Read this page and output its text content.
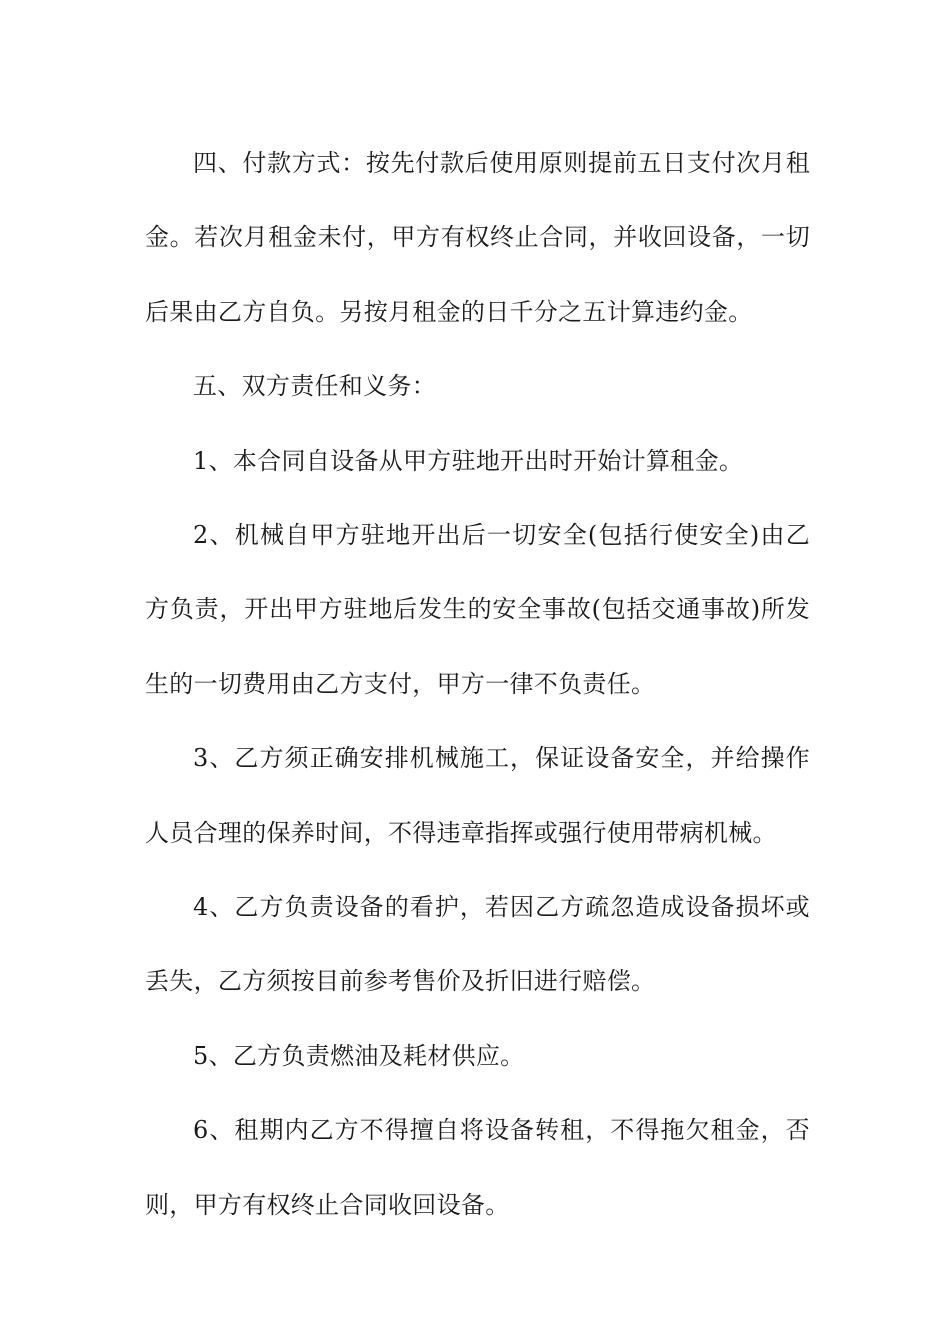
四、付款方式：按先付款后使用原则提前五日支付次月租金。若次月租金未付，甲方有权终止合同，并收回设备，一切后果由乙方自负。另按月租金的日千分之五计算违约金。

五、双方责任和义务：

1、本合同自设备从甲方驻地开出时开始计算租金。

2、机械自甲方驻地开出后一切安全(包括行使安全)由乙方负责，开出甲方驻地后发生的安全事故(包括交通事故)所发生的一切费用由乙方支付，甲方一律不负责任。

3、乙方须正确安排机械施工，保证设备安全，并给操作人员合理的保养时间，不得违章指挥或强行使用带病机械。

4、乙方负责设备的看护，若因乙方疏忽造成设备损坏或丢失，乙方须按目前参考售价及折旧进行赔偿。

5、乙方负责燃油及耗材供应。

6、租期内乙方不得擅自将设备转租，不得拖欠租金，否则，甲方有权终止合同收回设备。
